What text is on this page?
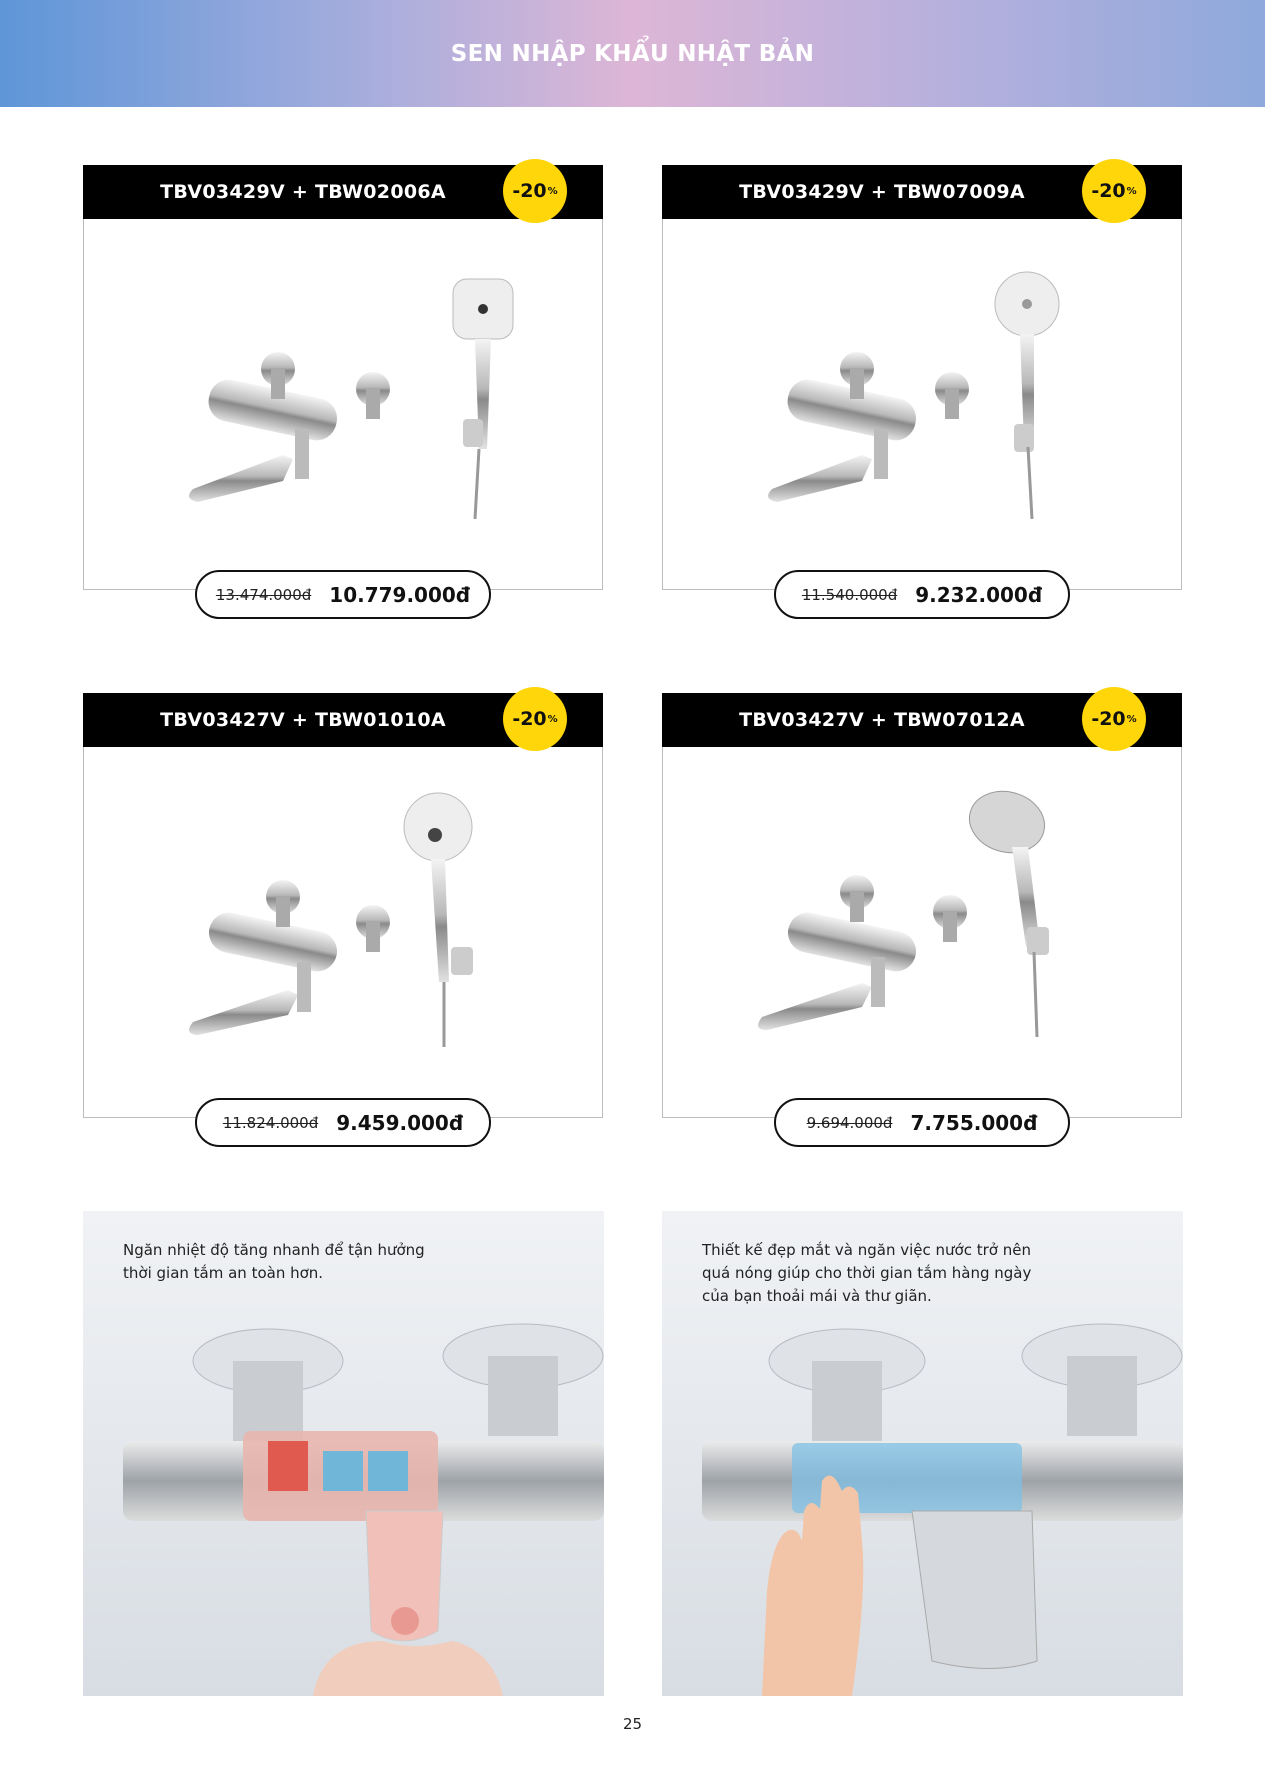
SEN NHẬP KHẨU NHẬT BẢN
TBV03429V + TBW02006A	-20 %
13.474.000đ 10.779.000đ
TBV03429V + TBW07009A	-20 %
11.540.000đ 9.232.000đ
TBV03427V + TBW01010A	-20 %
11.824.000đ 9.459.000đ
TBV03427V + TBW07012A	-20 %
9.694.000đ 7.755.000đ
Ngăn nhiệt độ tăng nhanh để tận hưởng thời gian tắm an toàn hơn.
Thiết kế đẹp mắt và ngăn việc nước trở nên quá nóng giúp cho thời gian tắm hàng ngày của bạn thoải mái và thư giãn.
25
